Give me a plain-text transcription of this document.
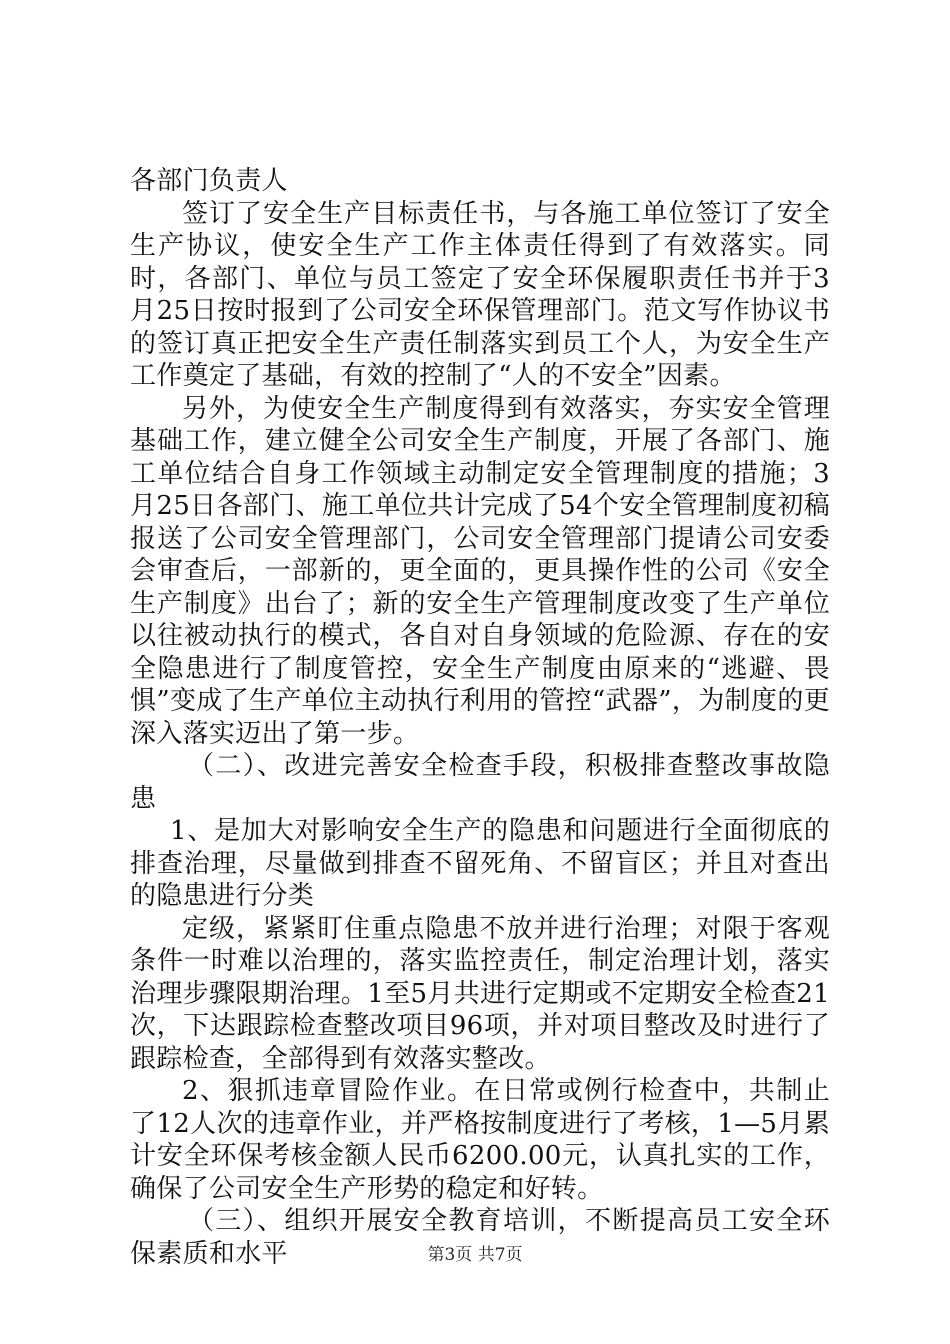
各部门负责人

签订了安全生产目标责任书，与各施工单位签订了安全生产协议，使安全生产工作主体责任得到了有效落实。同时，各部门、单位与员工签定了安全环保履职责任书并于3月25日按时报到了公司安全环保管理部门。范文写作协议书的签订真正把安全生产责任制落实到员工个人，为安全生产工作奠定了基础，有效的控制了“人的不安全”因素。

另外，为使安全生产制度得到有效落实，夯实安全管理基础工作，建立健全公司安全生产制度，开展了各部门、施工单位结合自身工作领域主动制定安全管理制度的措施；3月25日各部门、施工单位共计完成了54个安全管理制度初稿报送了公司安全管理部门，公司安全管理部门提请公司安委会审查后，一部新的，更全面的，更具操作性的公司《安全生产制度》出台了；新的安全生产管理制度改变了生产单位以往被动执行的模式，各自对自身领域的危险源、存在的安全隐患进行了制度管控，安全生产制度由原来的“逃避、畏惧”变成了生产单位主动执行利用的管控“武器”，为制度的更深入落实迈出了第一步。

（二）、改进完善安全检查手段，积极排查整改事故隐患

1、是加大对影响安全生产的隐患和问题进行全面彻底的排查治理，尽量做到排查不留死角、不留盲区；并且对查出的隐患进行分类

定级，紧紧盯住重点隐患不放并进行治理；对限于客观条件一时难以治理的，落实监控责任，制定治理计划，落实治理步骤限期治理。1至5月共进行定期或不定期安全检查21次，下达跟踪检查整改项目96项，并对项目整改及时进行了跟踪检查，全部得到有效落实整改。

2、狠抓违章冒险作业。在日常或例行检查中，共制止了12人次的违章作业，并严格按制度进行了考核，1—5月累计安全环保考核金额人民币6200.00元，认真扎实的工作，确保了公司安全生产形势的稳定和好转。

（三）、组织开展安全教育培训，不断提高员工安全环保素质和水平	第3页 共7页
